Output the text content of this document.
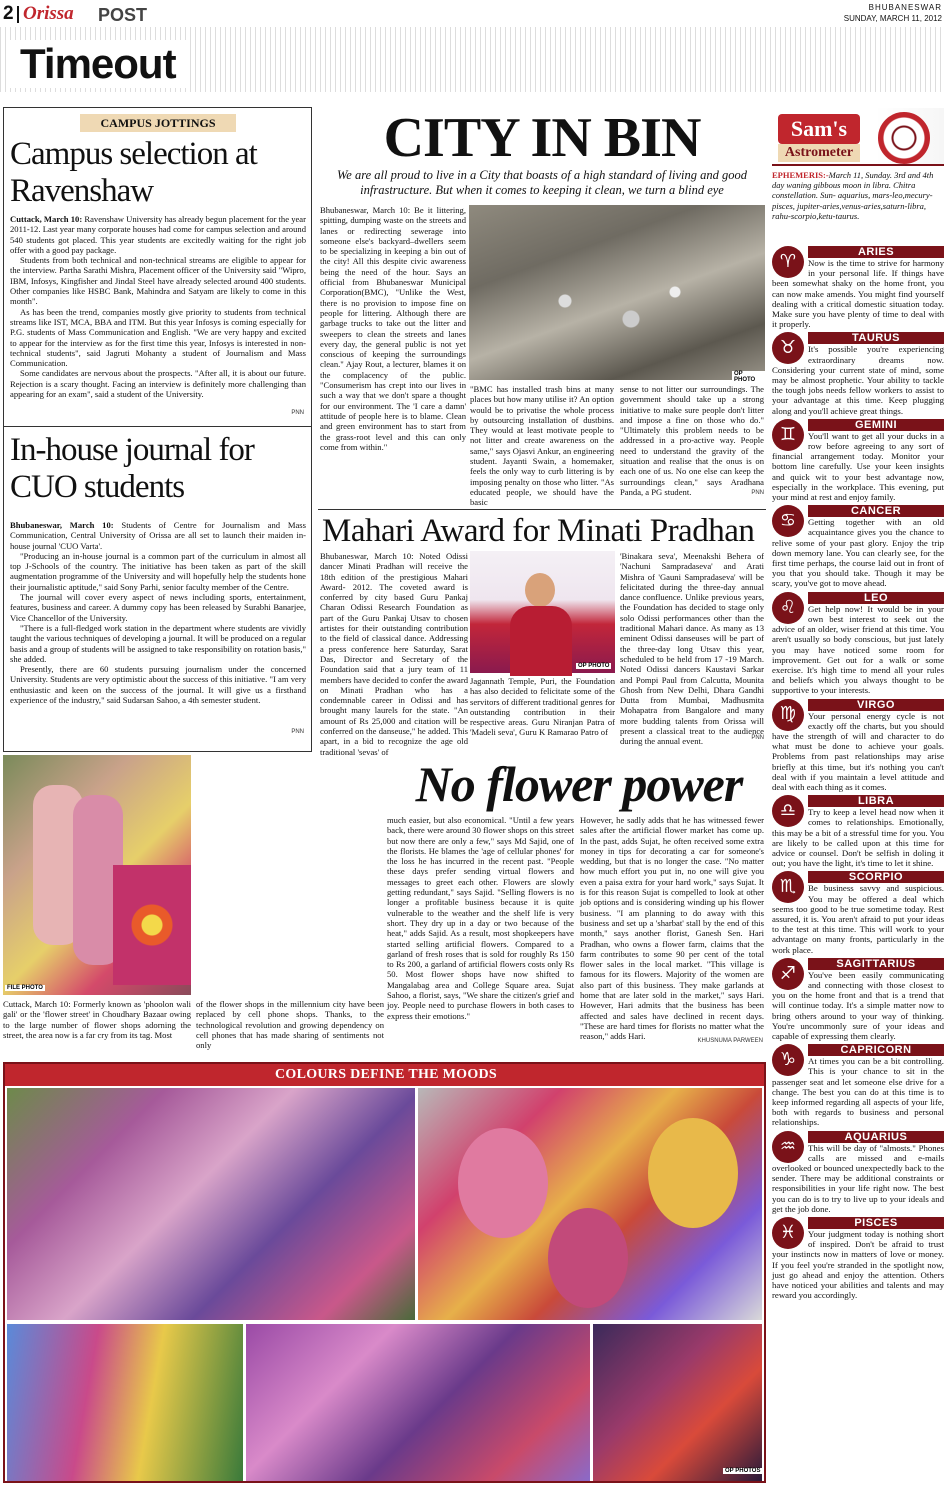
2 Orissa POST	BHUBANESWAR
SUNDAY, MARCH 11, 2012
Timeout
CAMPUS JOTTINGS
Campus selection at Ravenshaw

Cuttack, March 10: Ravenshaw University has already begun placement for the year 2011-12. Last year many corporate houses had come for campus selection and around 540 students got placed. This year students are excitedly waiting for the right job offer with a good pay package.

Students from both technical and non-technical streams are eligible to appear for the interview. Partha Sarathi Mishra, Placement officer of the University said "Wipro, IBM, Infosys, Kingfisher and Jindal Steel have already selected around 400 students. Other companies like HSBC Bank, Mahindra and Satyam are likely to come in this month".

As has been the trend, companies mostly give priority to students from technical streams like IST, MCA, BBA and ITM. But this year Infosys is coming especially for P.G. students of Mass Communication and English. "We are very happy and excited to appear for the interview as for the first time this year, Infosys is interested in non-technical students", said Jagruti Mohanty a student of Journalism and Mass Communication.

Some candidates are nervous about the prospects. "After all, it is about our future. Rejection is a scary thought. Facing an interview is definitely more challenging than appearing for an exam", said a student of the University.

PNN
In-house journal for CUO students

Bhubaneswar, March 10: Students of Centre for Journalism and Mass Communication, Central University of Orissa are all set to launch their maiden in-house journal 'CUO Varta'.

"Producing an in-house journal is a common part of the curriculum in almost all top J-Schools of the country. The initiative has been taken as part of the skill augmentation programme of the University and will hopefully help the students hone their journalistic aptitude," said Sony Parhi, senior faculty member of the Centre.

The journal will cover every aspect of news including sports, entertainment, features, business and career. A dummy copy has been released by Surabhi Banarjee, Vice Chancellor of the University.

"There is a full-fledged work station in the department where students are vividly taught the various techniques of developing a journal. It will be produced on a regular basis and a group of students will be assigned to take responsibility on rotation basis," she added.

Presently, there are 60 students pursuing journalism under the concerned University. Students are very optimistic about the success of this initiative. "I am very enthusiastic and keen on the success of the journal. It will give us a firsthand experience of the industry," said Sudarsan Sahoo, a 4th semester student.

PNN
CITY IN BIN
We are all proud to live in a City that boasts of a high standard of living and good infrastructure. But when it comes to keeping it clean, we turn a blind eye
Bhubaneswar, March 10: Be it littering, spitting, dumping waste on the streets and lanes or redirecting sewerage into someone else's backyard–dwellers seem to be specializing in keeping a bin out of the city! All this despite civic awareness being the need of the hour. Says an official from Bhubaneswar Municipal Corporation(BMC), "Unlike the West, there is no provision to impose fine on people for littering. Although there are garbage trucks to take out the litter and sweepers to clean the streets and lanes every day, the general public is not yet conscious of keeping the surroundings clean." Ajay Rout, a lecturer, blames it on the complacency of the public. "Consumerism has crept into our lives in such a way that we don't spare a thought for our environment. The 'I care a damn' attitude of people here is to blame. Clean and green environment has to start from the grass-root level and this can only come from within."
OP PHOTO
"BMC has installed trash bins at many places but how many utilise it? An option would be to privatise the whole process by outsourcing installation of dustbins. They would at least motivate people to not litter and create awareness on the same," says Ojasvi Ankur, an engineering student. Jayanti Swain, a homemaker, feels the only way to curb littering is by imposing penalty on those who litter. "As educated people, we should have the basic
sense to not litter our surroundings. The government should take up a strong initiative to make sure people don't litter and impose a fine on those who do." "Ultimately this problem needs to be addressed in a pro-active way. People need to understand the gravity of the situation and realise that the onus is on each one of us. No one else can keep the surroundings clean," says Aradhana Panda, a PG student.	PNN
Mahari Award for Minati Pradhan
Bhubaneswar, March 10: Noted Odissi dancer Minati Pradhan will receive the 18th edition of the prestigious Mahari Award- 2012. The coveted award is conferred by city based Guru Pankaj Charan Odissi Research Foundation as part of the Guru Pankaj Utsav to chosen artistes for their outstanding contribution to the field of classical dance. Addressing a press conference here Saturday, Sarat Das, Director and Secretary of the Foundation said that a jury team of 11 members have decided to confer the award on Minati Pradhan who has a condemnable career in Odissi and has brought many laurels for the state. "An amount of Rs 25,000 and citation will be conferred on the danseuse," he added. This apart, in a bid to recognize the age old traditional 'sevas' of
OP PHOTO
Jagannath Temple, Puri, the Foundation has also decided to felicitate some of the servitors of different traditional genres for outstanding contribution in their respective areas. Guru Niranjan Patra of 'Madeli seva', Guru K Ramarao Patro of
'Binakara seva', Meenakshi Behera of 'Nachuni Sampradaseva' and Arati Mishra of 'Gauni Sampradaseva' will be felicitated during the three-day annual dance confluence. Unlike previous years, the Foundation has decided to stage only solo Odissi performances other than the traditional Mahari dance. As many as 13 eminent Odissi danseuses will be part of the three-day long Utsav this year, scheduled to be held from 17 -19 March. Noted Odissi dancers Kaustavi Sarkar and Pompi Paul from Calcutta, Mounita Ghosh from New Delhi, Dhara Gandhi Dutta from Mumbai, Madhusmita Mohapatra from Bangalore and many more budding talents from Orissa will present a classical treat to the audience during the annual event.	PNN
FILE PHOTO
Cuttack, March 10: Formerly known as 'phoolon wali gali' or the 'flower street' in Choudhary Bazaar owing to the large number of flower shops adorning the street, the area now is a far cry from its tag. Most
of the flower shops in the millennium city have been replaced by cell phone shops. Thanks, to the technological revolution and growing dependency on cell phones that has made sharing of sentiments not only
No flower power
much easier, but also economical. "Until a few years back, there were around 30 flower shops on this street but now there are only a few," says Md Sajid, one of the florists. He blames the 'age of cellular phones' for the loss he has incurred in the recent past. "People these days prefer sending virtual flowers and messages to greet each other. Flowers are slowly getting redundant," says Sajid. "Selling flowers is no longer a profitable business because it is quite vulnerable to the weather and the shelf life is very short. They dry up in a day or two because of the heat," adds Sajid. As a result, most shopkeepers have started selling artificial flowers. Compared to a garland of fresh roses that is sold for roughly Rs 150 to Rs 200, a garland of artificial flowers costs only Rs 50. Most flower shops have now shifted to Mangalabag area and College Square area. Sujat Sahoo, a florist, says, "We share the citizen's grief and joy. People need to purchase flowers in both cases to express their emotions."
However, he sadly adds that he has witnessed fewer sales after the artificial flower market has come up. In the past, adds Sujat, he often received some extra money in tips for decorating a car for someone's wedding, but that is no longer the case. "No matter how much effort you put in, no one will give you even a paisa extra for your hard work," says Sujat. It is for this reason Sujat is compelled to look at other job options and is considering winding up his flower business. "I am planning to do away with this business and set up a 'sharbat' stall by the end of this month," says another florist, Ganesh Sen. Hari Pradhan, who owns a flower farm, claims that the farm contributes to some 90 per cent of the total flower sales in the local market. "This village is famous for its flowers. Majority of the women are also part of this business. They make garlands at home that are later sold in the market," says Hari. However, Hari admits that the business has been affected and sales have declined in recent days. "These are hard times for florists no matter what the reason," adds Hari.	KHUSNUMA PARWEEN
COLOURS DEFINE THE MOODS
OP PHOTOS
Sam's
Astrometer
EPHEMERIS:-March 11, Sunday. 3rd and 4th day waning gibbous moon in libra. Chitra constellation. Sun- aquarius, mars-leo,mecury-pisces, jupiter-aries,venus-aries,saturn-libra, rahu-scorpio,ketu-taurus.
ARIES
♈	Now is the time to strive for harmony in your personal life. If things have been somewhat shaky on the home front, you can now make amends. You might find yourself dealing with a critical domestic situation today. Make sure you have plenty of time to deal with it properly.
TAURUS
♉	It's possible you're experiencing extraordinary dreams now. Considering your current state of mind, some may be almost prophetic. Your ability to tackle the tough jobs needs fellow workers to assist to your advantage at this time. Keep plugging along and you'll achieve great things.
GEMINI
♊	You'll want to get all your ducks in a row before agreeing to any sort of financial arrangement today. Monitor your bottom line carefully. Use your keen insights and quick wit to your best advantage now, especially in the workplace. This evening, put your mind at rest and enjoy family.
CANCER
♋	Getting together with an old acquaintance gives you the chance to relive some of your past glory. Enjoy the trip down memory lane. You can clearly see, for the first time perhaps, the course laid out in front of you that you should take. Though it may be scary, you've got to move ahead.
LEO
♌	Get help now! It would be in your own best interest to seek out the advice of an older, wiser friend at this time. You aren't usually so body conscious, but just lately you may have noticed some room for improvement. Get out for a walk or some exercise. It's high time to mend all your rules and beliefs which you always thought to be supportive to your interests.
VIRGO
♍	Your personal energy cycle is not exactly off the charts, but you should have the strength of will and character to do what must be done to achieve your goals. Problems from past relationships may arise briefly at this time, but it's nothing you can't deal with if you maintain a level attitude and deal with each thing as it comes.
LIBRA
♎	Try to keep a level head now when it comes to relationships. Emotionally, this may be a bit of a stressful time for you. You are likely to be called upon at this time for advice or counsel. Don't be selfish in doling it out; you have the light, it's time to let it shine.
SCORPIO
♏	Be business savvy and suspicious. You may be offered a deal which seems too good to be true sometime today. Rest assured, it is. You aren't afraid to put your ideas to the test at this time. This will work to your advantage on many fronts, particularly in the work place.
SAGITTARIUS
♐	You've been easily communicating and connecting with those closest to you on the home front and that is a trend that will continue today. It's a simple matter now to bring others around to your way of thinking. You're uncommonly sure of your ideas and capable of expressing them clearly.
CAPRICORN
♑	At times you can be a bit controlling. This is your chance to sit in the passenger seat and let someone else drive for a change. The best you can do at this time is to keep informed regarding all aspects of your life, both with regards to business and personal relationships.
AQUARIUS
♒	This will be day of "almosts." Phones calls are missed and e-mails overlooked or bounced unexpectedly back to the sender. There may be additional constraints or responsibilities in your life right now. The best you can do is to try to live up to your ideals and get the job done.
PISCES
♓	Your judgment today is nothing short of inspired. Don't be afraid to trust your instincts now in matters of love or money. If you feel you're stranded in the spotlight now, just go ahead and enjoy the attention. Others have noticed your abilities and talents and may reward you accordingly.
